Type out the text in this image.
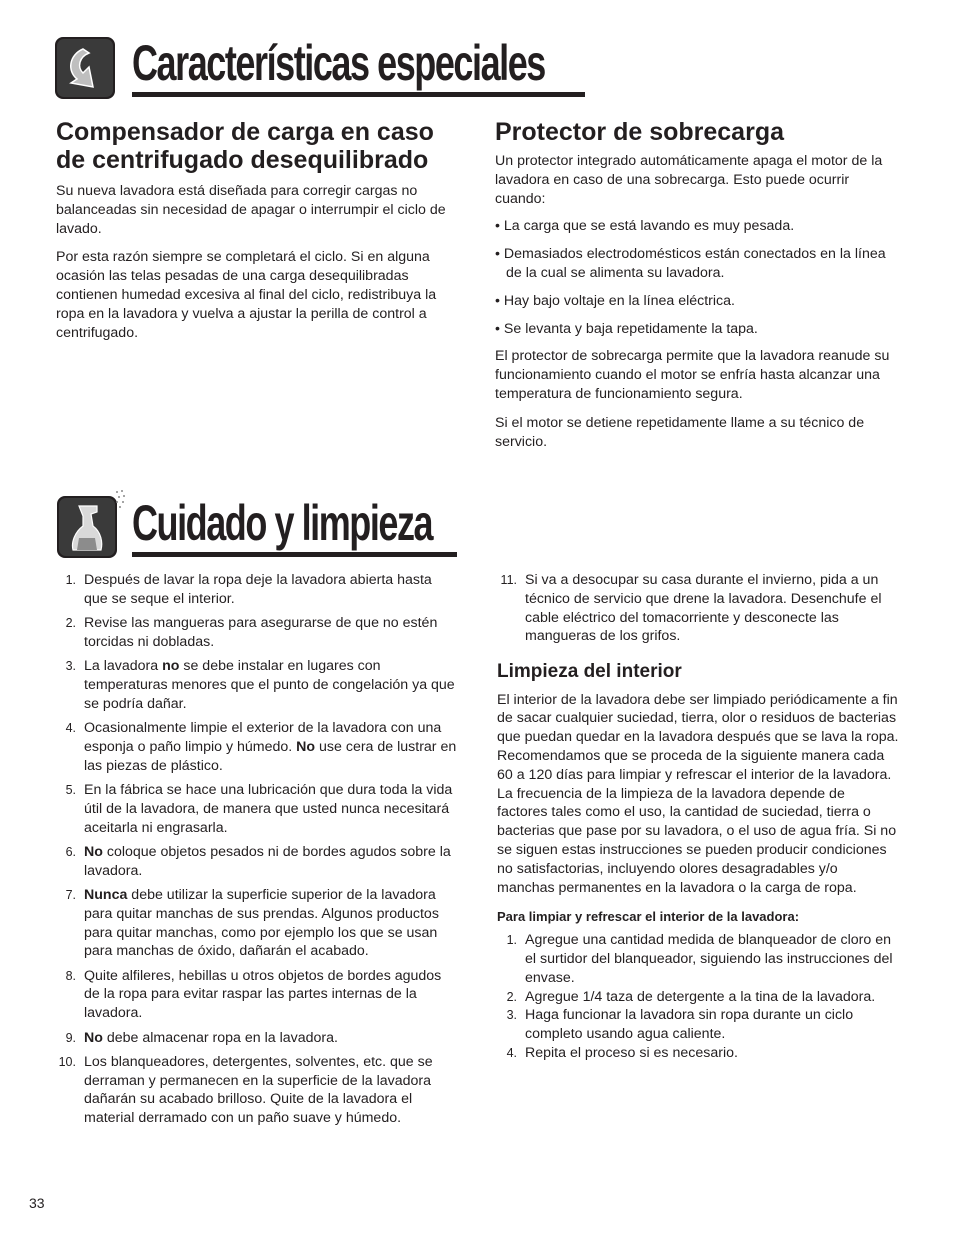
Características especiales
Compensador de carga en caso de centrifugado desequilibrado

Su nueva lavadora está diseñada para corregir cargas no balanceadas sin necesidad de apagar o interrumpir el ciclo de lavado.

Por esta razón siempre se completará el ciclo. Si en alguna ocasión las telas pesadas de una carga desequilibradas contienen humedad excesiva al final del ciclo, redistribuya la ropa en la lavadora y vuelva a ajustar la perilla de control a centrifugado.

Protector de sobrecarga

Un protector integrado automáticamente apaga el motor de la lavadora en caso de una sobrecarga. Esto puede ocurrir cuando:

• La carga que se está lavando es muy pesada.
• Demasiados electrodomésticos están conectados en la línea de la cual se alimenta su lavadora.
• Hay bajo voltaje en la línea eléctrica.
• Se levanta y baja repetidamente la tapa.

El protector de sobrecarga permite que la lavadora reanude su funcionamiento cuando el motor se enfría hasta alcanzar una temperatura de funcionamiento segura.

Si el motor se detiene repetidamente llame a su técnico de servicio.

Cuidado y limpieza
1. Después de lavar la ropa deje la lavadora abierta hasta que se seque el interior.
2. Revise las mangueras para asegurarse de que no estén torcidas ni dobladas.
3. La lavadora no se debe instalar en lugares con temperaturas menores que el punto de congelación ya que se podría dañar.
4. Ocasionalmente limpie el exterior de la lavadora con una esponja o paño limpio y húmedo. No use cera de lustrar en las piezas de plástico.
5. En la fábrica se hace una lubricación que dura toda la vida útil de la lavadora, de manera que usted nunca necesitará aceitarla ni engrasarla.
6. No coloque objetos pesados ni de bordes agudos sobre la lavadora.
7. Nunca debe utilizar la superficie superior de la lavadora para quitar manchas de sus prendas. Algunos productos para quitar manchas, como por ejemplo los que se usan para manchas de óxido, dañarán el acabado.
8. Quite alfileres, hebillas u otros objetos de bordes agudos de la ropa para evitar raspar las partes internas de la lavadora.
9. No debe almacenar ropa en la lavadora.
10. Los blanqueadores, detergentes, solventes, etc. que se derraman y permanecen en la superficie de la lavadora dañarán su acabado brilloso. Quite de la lavadora el material derramado con un paño suave y húmedo.
11. Si va a desocupar su casa durante el invierno, pida a un técnico de servicio que drene la lavadora. Desenchufe el cable eléctrico del tomacorriente y desconecte las mangueras de los grifos.
Limpieza del interior

El interior de la lavadora debe ser limpiado periódicamente a fin de sacar cualquier suciedad, tierra, olor o residuos de bacterias que puedan quedar en la lavadora después que se lava la ropa. Recomendamos que se proceda de la siguiente manera cada 60 a 120 días para limpiar y refrescar el interior de la lavadora. La frecuencia de la limpieza de la lavadora depende de factores tales como el uso, la cantidad de suciedad, tierra o bacterias que pase por su lavadora, o el uso de agua fría. Si no se siguen estas instrucciones se pueden producir condiciones no satisfactorias, incluyendo olores desagradables y/o manchas permanentes en la lavadora o la carga de ropa.

Para limpiar y refrescar el interior de la lavadora:

1. Agregue una cantidad medida de blanqueador de cloro en el surtidor del blanqueador, siguiendo las instrucciones del envase.
2. Agregue 1/4 taza de detergente a la tina de la lavadora.
3. Haga funcionar la lavadora sin ropa durante un ciclo completo usando agua caliente.
4. Repita el proceso si es necesario.
33
